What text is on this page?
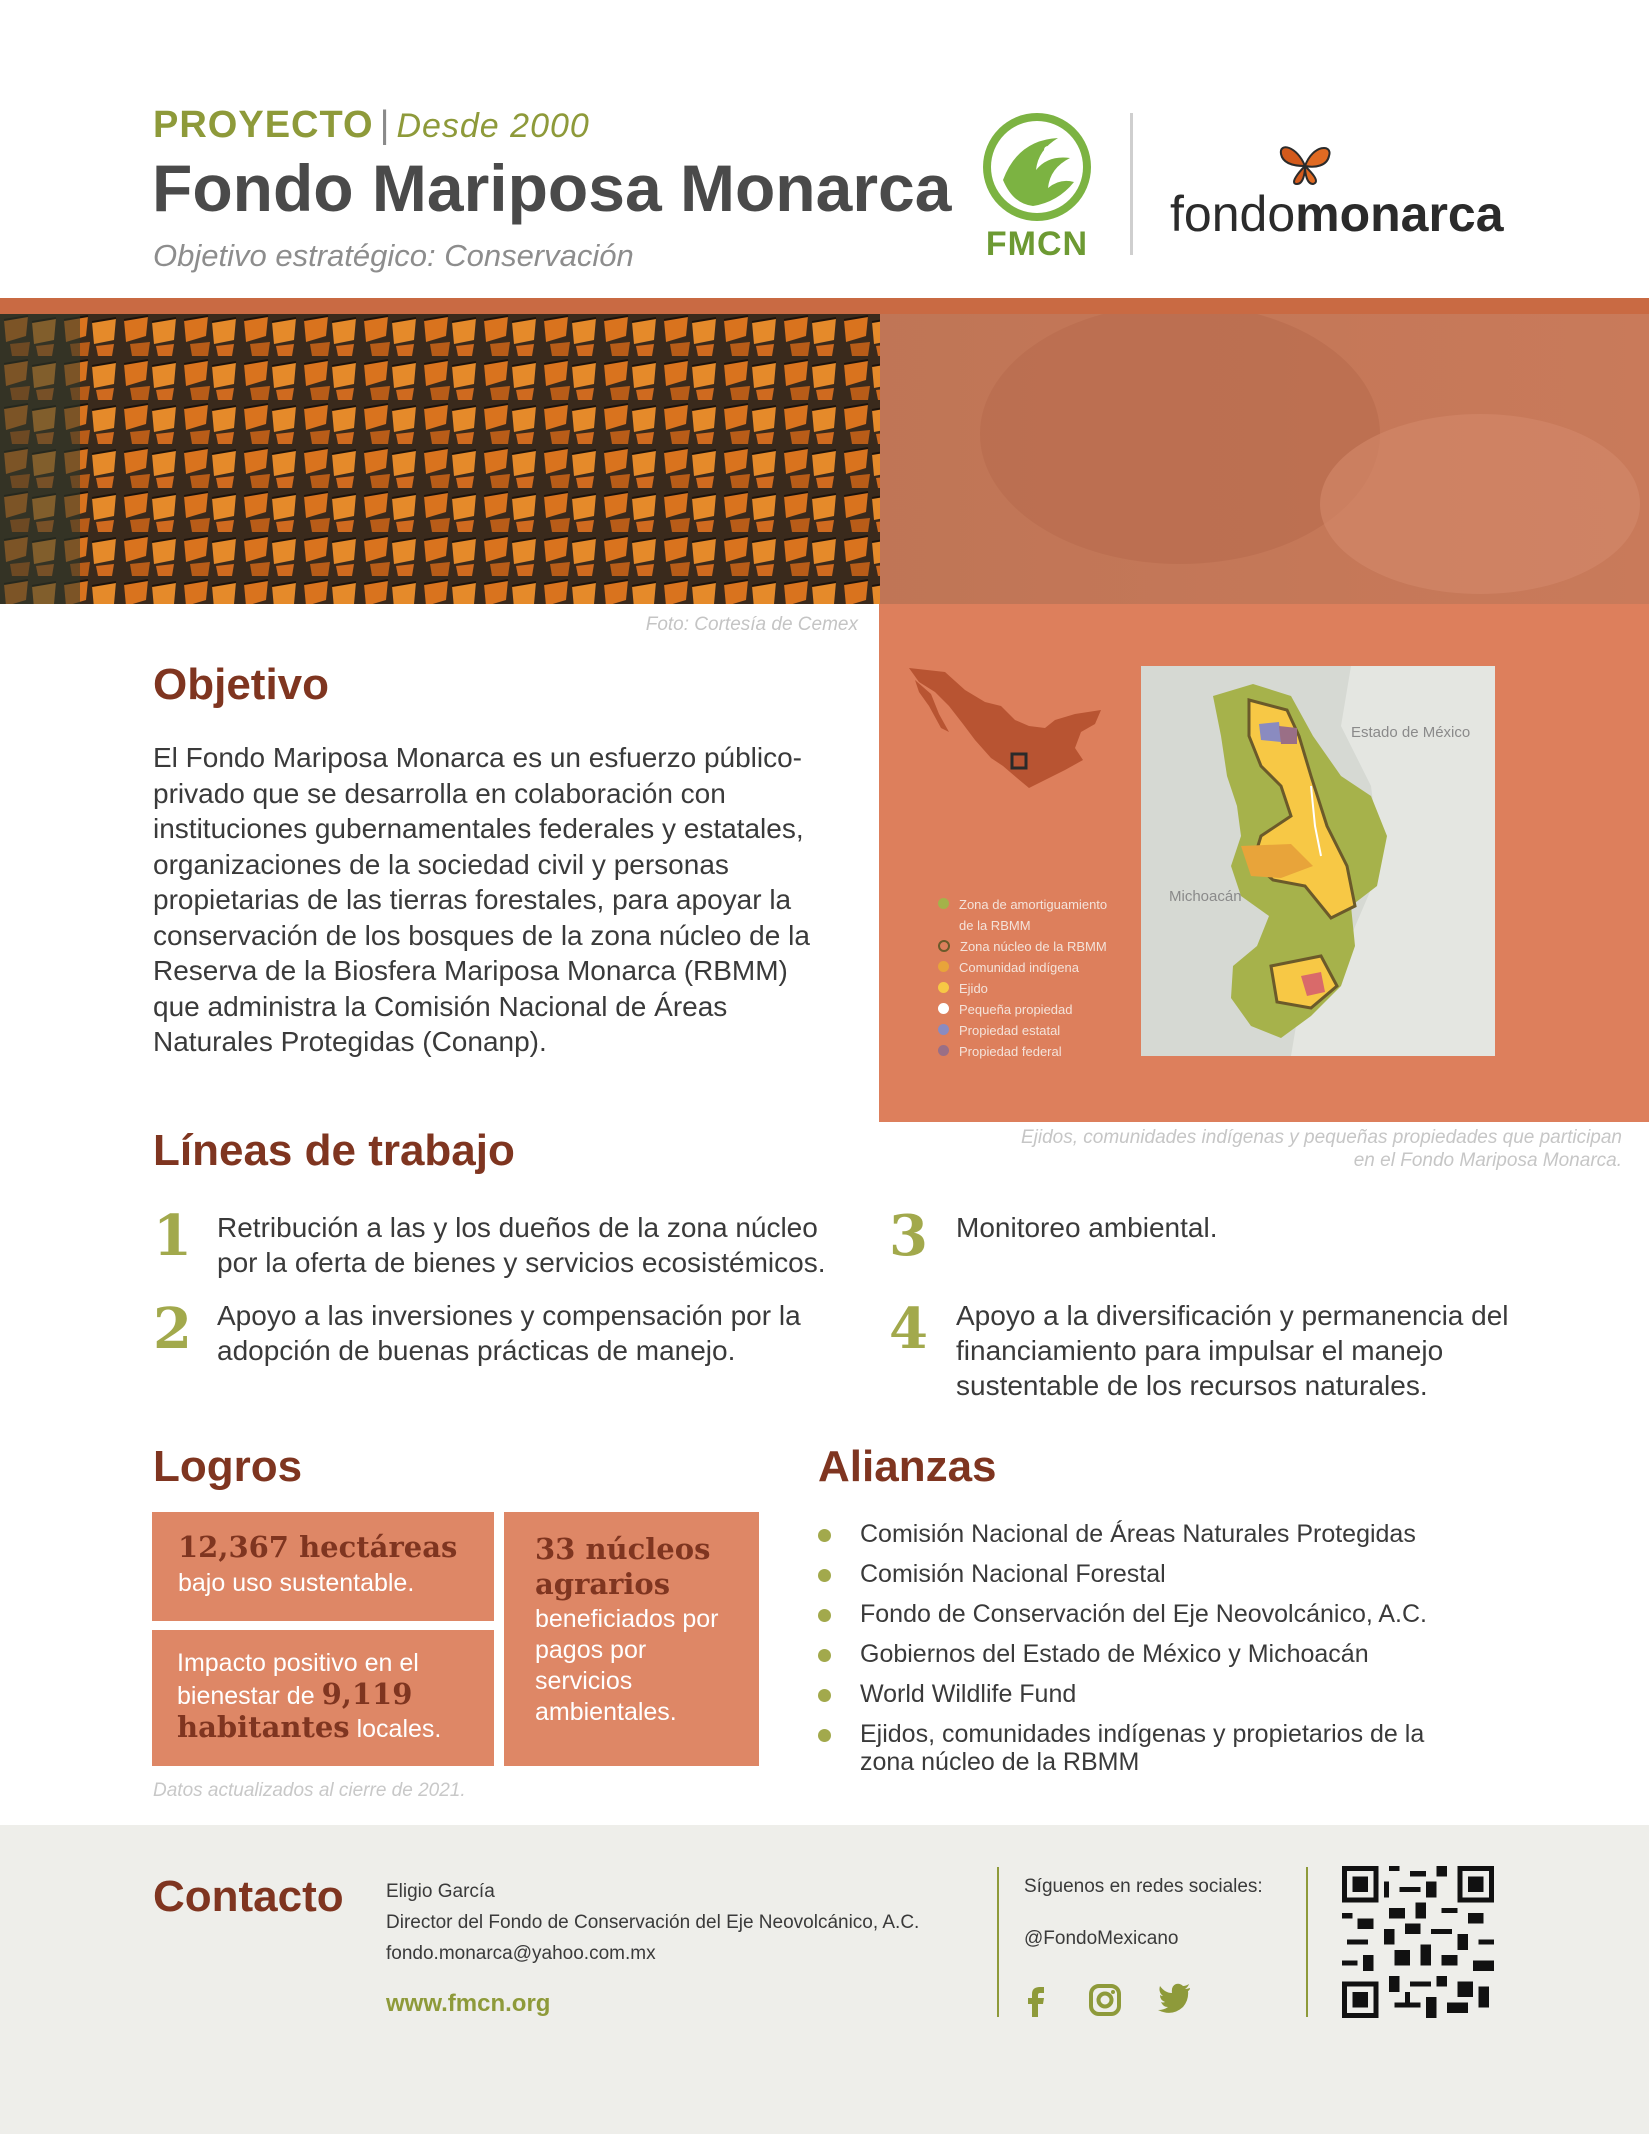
PROYECTO | Desde 2000
Fondo Mariposa Monarca
Objetivo estratégico: Conservación	FMCN
fondomonarca
Foto: Cortesía de Cemex
Estado de México
Michoacán
Zona de amortiguamiento de la RBMM
Zona núcleo de la RBMM
Comunidad indígena
Ejido
Pequeña propiedad
Propiedad estatal
Propiedad federal
Ejidos, comunidades indígenas y pequeñas propiedades que participan en el Fondo Mariposa Monarca.
Objetivo
El Fondo Mariposa Monarca es un esfuerzo público-privado que se desarrolla en colaboración con instituciones gubernamentales federales y estatales, organizaciones de la sociedad civil y personas propietarias de las tierras forestales, para apoyar la conservación de los bosques de la zona núcleo de la Reserva de la Biosfera Mariposa Monarca (RBMM) que administra la Comisión Nacional de Áreas Naturales Protegidas (Conanp).
Líneas de trabajo
1 Retribución a las y los dueños de la zona núcleo por la oferta de bienes y servicios ecosistémicos.
2 Apoyo a las inversiones y compensación por la adopción de buenas prácticas de manejo.
3 Monitoreo ambiental.
4 Apoyo a la diversificación y permanencia del financiamiento para impulsar el manejo sustentable de los recursos naturales.
Logros
12,367 hectáreas
bajo uso sustentable.
Impacto positivo en el bienestar de 9,119 habitantes locales.
33 núcleos agrarios
beneficiados por pagos por servicios ambientales.
Datos actualizados al cierre de 2021.
Alianzas
Comisión Nacional de Áreas Naturales Protegidas
Comisión Nacional Forestal
Fondo de Conservación del Eje Neovolcánico, A.C.
Gobiernos del Estado de México y Michoacán
World Wildlife Fund
Ejidos, comunidades indígenas y propietarios de la zona núcleo de la RBMM
Contacto Eligio García
Director del Fondo de Conservación del Eje Neovolcánico, A.C.
fondo.monarca@yahoo.com.mx
www.fmcn.org
Síguenos en redes sociales:
@FondoMexicano
